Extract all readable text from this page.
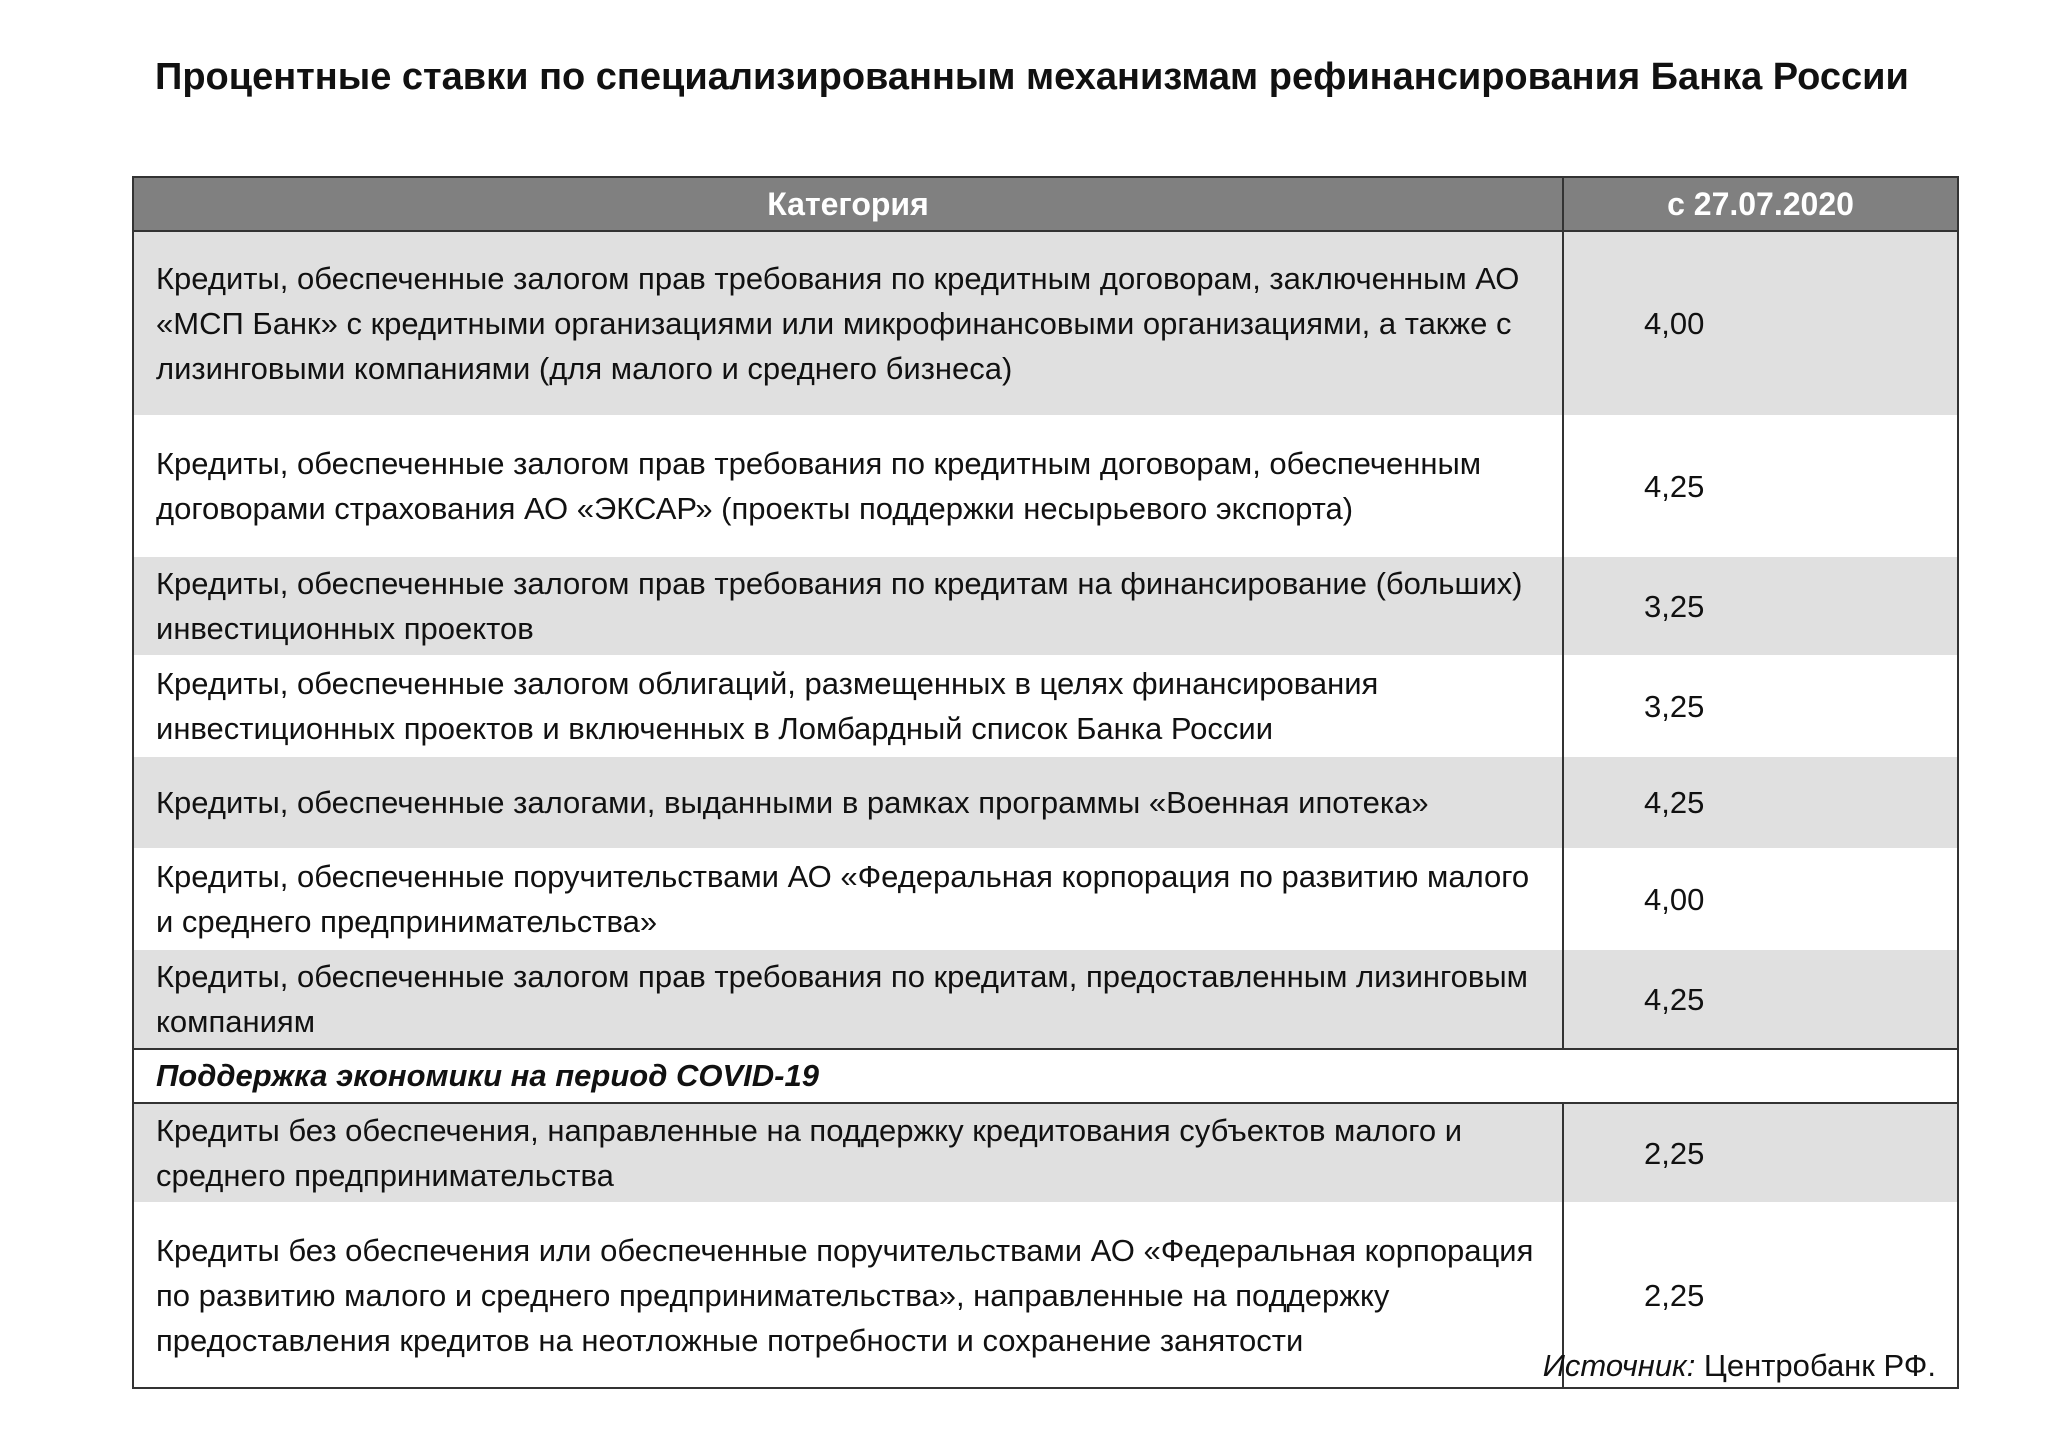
Процентные ставки по специализированным механизмам рефинансирования Банка России
Категория	с 27.07.2020
Кредиты, обеспеченные залогом прав требования по кредитным договорам, заключенным АО «МСП Банк» с кредитными организациями или микрофинансовыми организациями, а также с лизинговыми компаниями (для малого и среднего бизнеса)	4,00
Кредиты, обеспеченные залогом прав требования по кредитным договорам, обеспеченным договорами страхования АО «ЭКСАР» (проекты поддержки несырьевого экспорта)	4,25
Кредиты, обеспеченные залогом прав требования по кредитам на финансирование (больших) инвестиционных проектов	3,25
Кредиты, обеспеченные залогом облигаций, размещенных в целях финансирования инвестиционных проектов и включенных в Ломбардный список Банка России	3,25
Кредиты, обеспеченные залогами, выданными в рамках программы «Военная ипотека»	4,25
Кредиты, обеспеченные поручительствами АО «Федеральная корпорация по развитию малого и среднего предпринимательства»	4,00
Кредиты, обеспеченные залогом прав требования по кредитам, предоставленным лизинговым компаниям	4,25
Поддержка экономики на период COVID-19	
Кредиты без обеспечения, направленные на поддержку кредитования субъектов малого и среднего предпринимательства	2,25
Кредиты без обеспечения или обеспеченные поручительствами АО «Федеральная корпорация по развитию малого и среднего предпринимательства», направленные на поддержку предоставления кредитов на неотложные потребности и сохранение занятости	2,25
Источник: Центробанк РФ.
